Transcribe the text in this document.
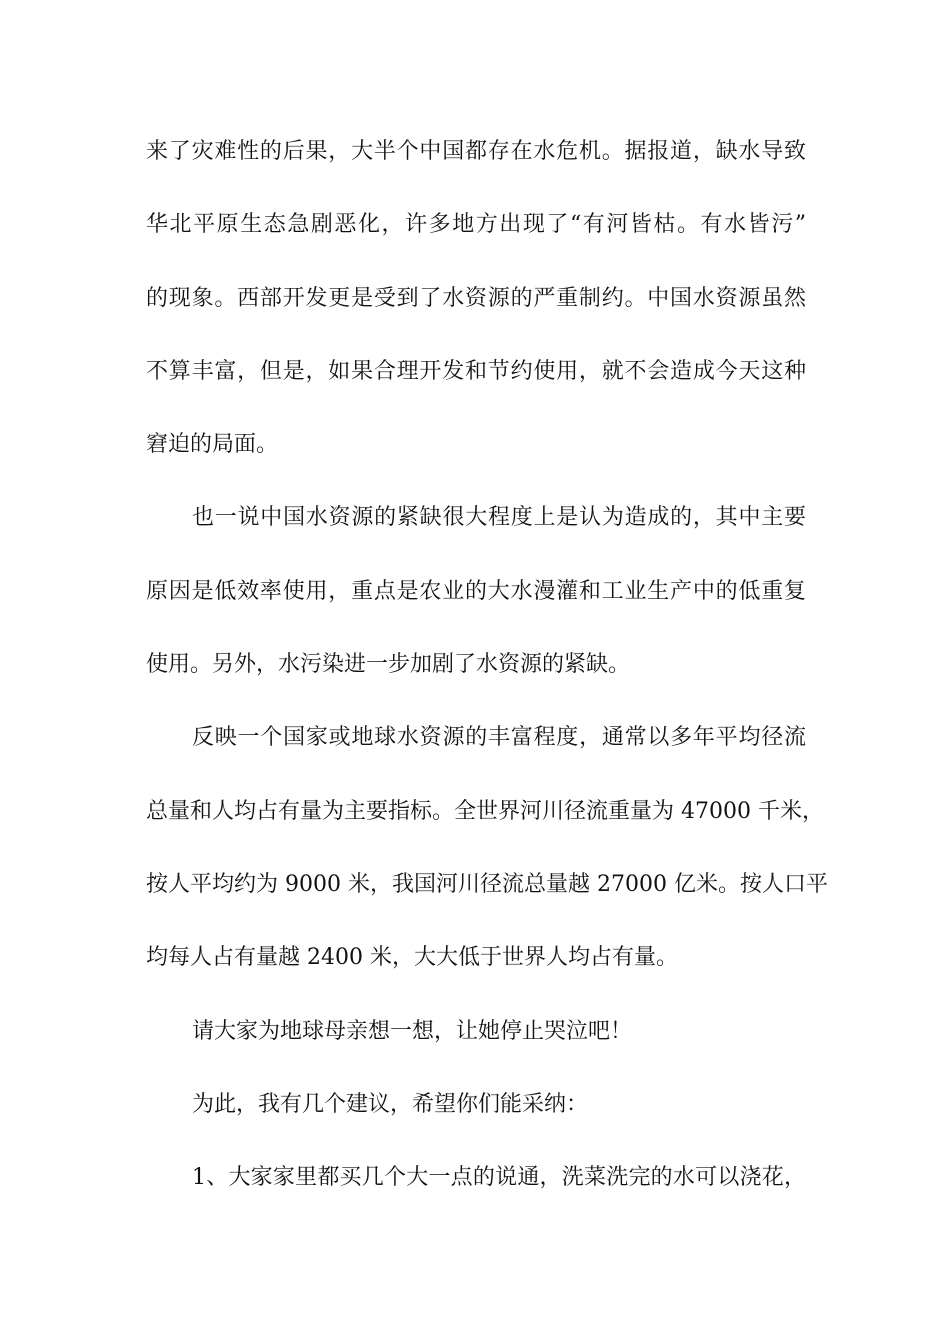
来了灾难性的后果，大半个中国都存在水危机。据报道，缺水导致
华北平原生态急剧恶化，许多地方出现了“有河皆枯。有水皆污”
的现象。西部开发更是受到了水资源的严重制约。中国水资源虽然
不算丰富，但是，如果合理开发和节约使用，就不会造成今天这种
窘迫的局面。
也一说中国水资源的紧缺很大程度上是认为造成的，其中主要
原因是低效率使用，重点是农业的大水漫灌和工业生产中的低重复
使用。另外，水污染进一步加剧了水资源的紧缺。
反映一个国家或地球水资源的丰富程度，通常以多年平均径流
总量和人均占有量为主要指标。全世界河川径流重量为 47000 千米，
按人平均约为 9000 米，我国河川径流总量越 27000 亿米。按人口平
均每人占有量越 2400 米，大大低于世界人均占有量。
请大家为地球母亲想一想，让她停止哭泣吧！
为此，我有几个建议，希望你们能采纳：
1、大家家里都买几个大一点的说通，洗菜洗完的水可以浇花，
